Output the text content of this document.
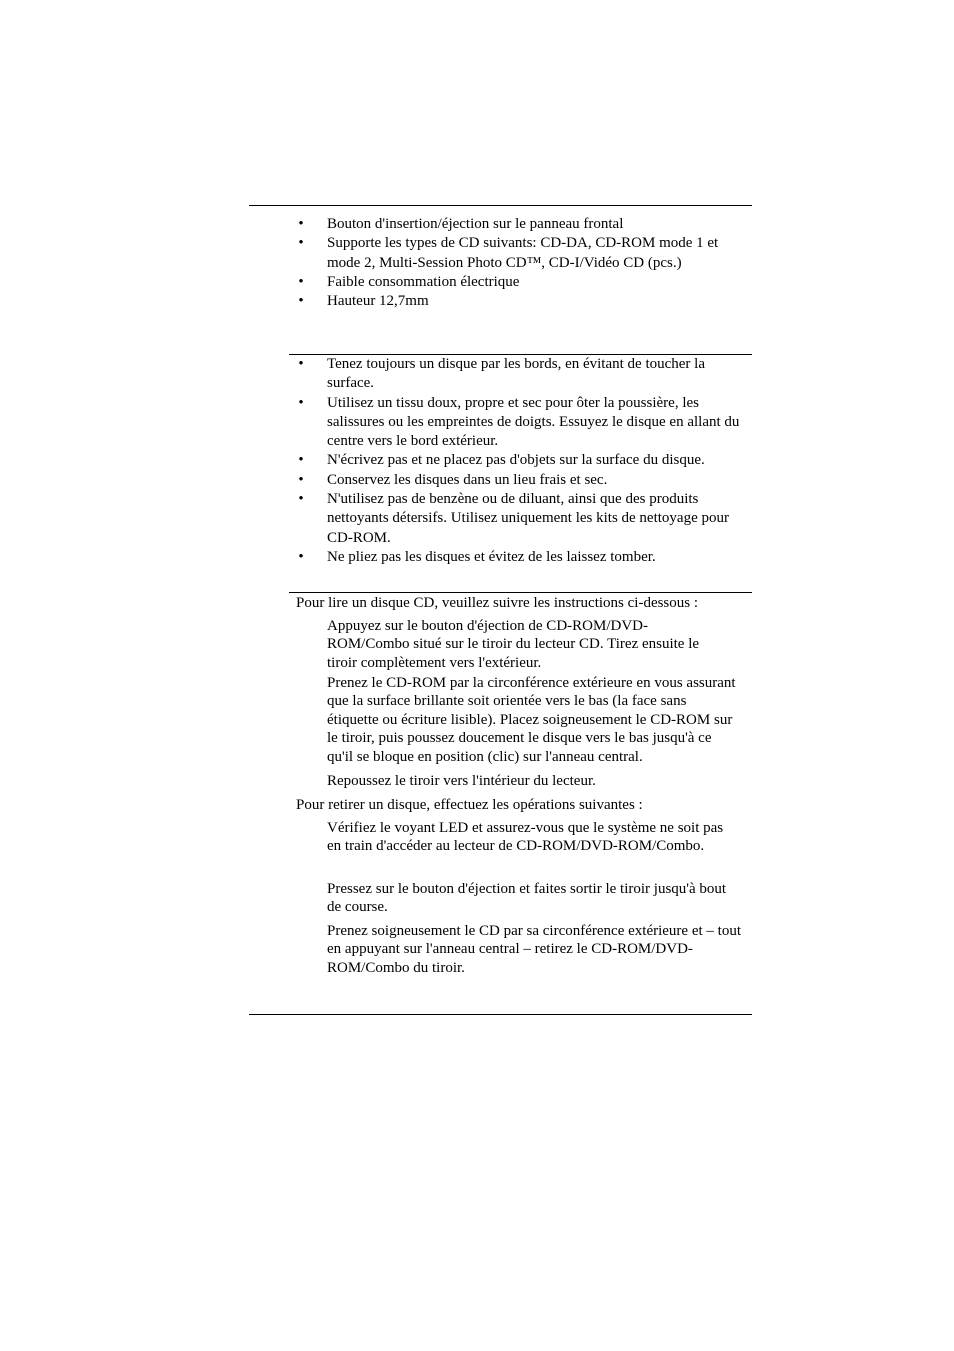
• Bouton d'insertion/éjection sur le panneau frontal
• Supporte les types de CD suivants: CD-DA, CD-ROM mode 1 et mode 2, Multi-Session Photo CD™, CD-I/Vidéo CD (pcs.)
• Faible consommation électrique
• Hauteur 12,7mm
• Tenez toujours un disque par les bords, en évitant de toucher la surface.
• Utilisez un tissu doux, propre et sec pour ôter la poussière, les salissures ou les empreintes de doigts. Essuyez le disque en allant du centre vers le bord extérieur.
• N'écrivez pas et ne placez pas d'objets sur la surface du disque.
• Conservez les disques dans un lieu frais et sec.
• N'utilisez pas de benzène ou de diluant, ainsi que des produits nettoyants détersifs. Utilisez uniquement les kits de nettoyage pour CD-ROM.
• Ne pliez pas les disques et évitez de les laissez tomber.

Pour lire un disque CD, veuillez suivre les instructions ci-dessous :

Appuyez sur le bouton d'éjection de CD-ROM/DVD-ROM/Combo situé sur le tiroir du lecteur CD. Tirez ensuite le tiroir complètement vers l'extérieur.

Prenez le CD-ROM par la circonférence extérieure en vous assurant que la surface brillante soit orientée vers le bas (la face sans étiquette ou écriture lisible). Placez soigneusement le CD-ROM sur le tiroir, puis poussez doucement le disque vers le bas jusqu'à ce qu'il se bloque en position (clic) sur l'anneau central.

Repoussez le tiroir vers l'intérieur du lecteur.

Pour retirer un disque, effectuez les opérations suivantes :

Vérifiez le voyant LED et assurez-vous que le système ne soit pas en train d'accéder au lecteur de CD-ROM/DVD-ROM/Combo.

Pressez sur le bouton d'éjection et faites sortir le tiroir jusqu'à bout de course.

Prenez soigneusement le CD par sa circonférence extérieure et – tout en appuyant sur l'anneau central – retirez le CD-ROM/DVD-ROM/Combo du tiroir.
